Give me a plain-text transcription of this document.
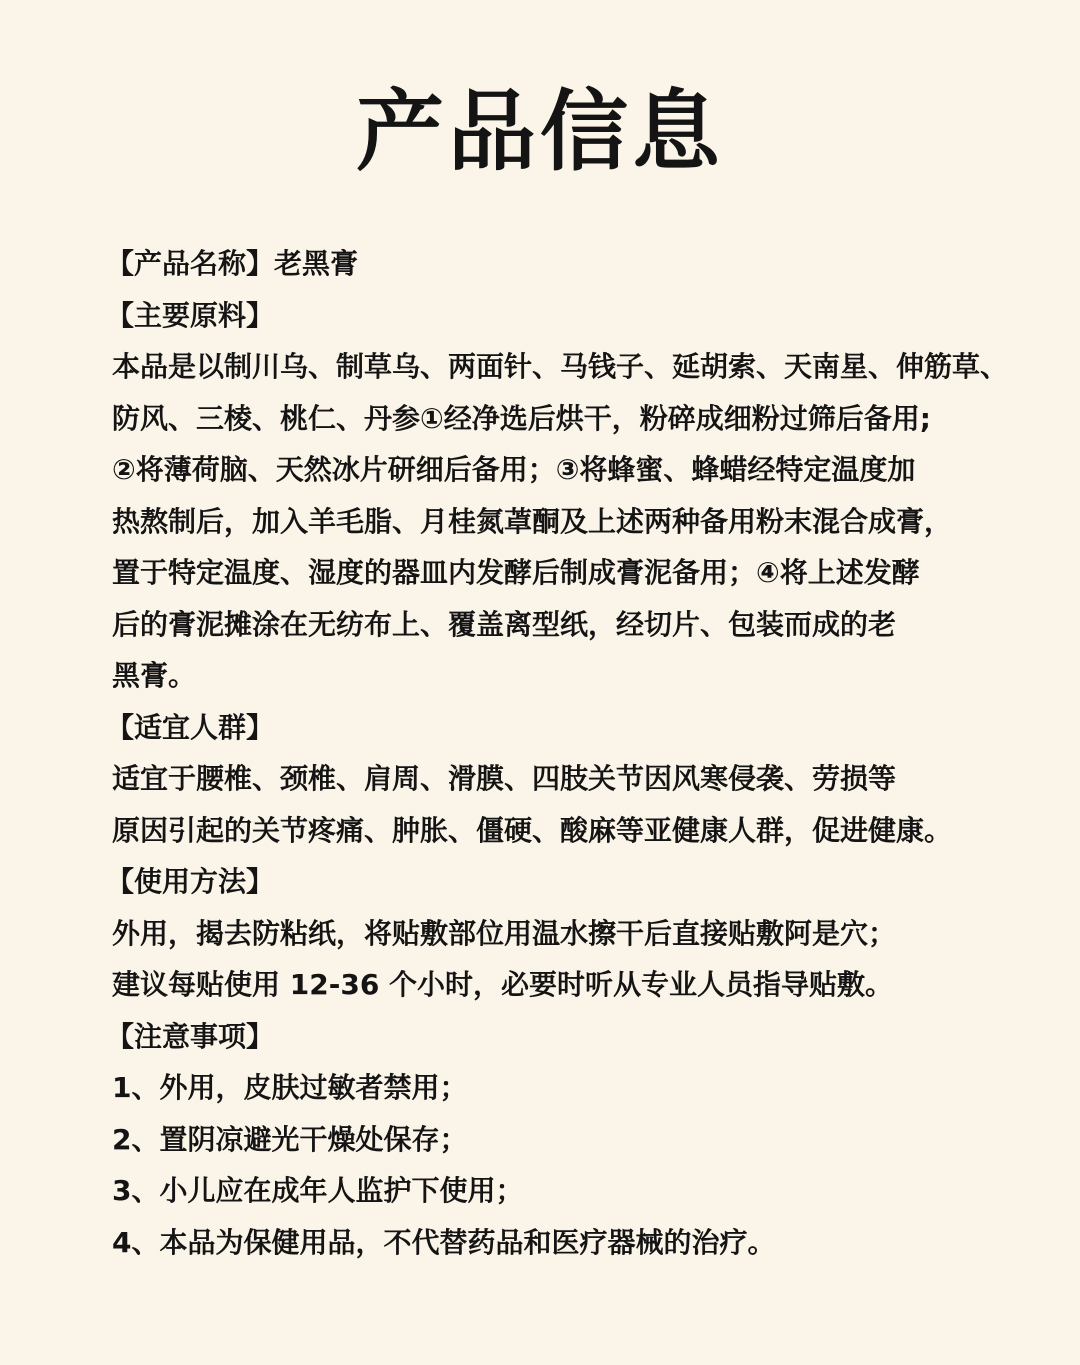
产品信息
【产品名称】老黑膏
【主要原料】
本品是以制川乌、制草乌、两面针、马钱子、延胡索、天南星、伸筋草、
防风、三棱、桃仁、丹参①经净选后烘干，粉碎成细粉过筛后备用;
②将薄荷脑、天然冰片研细后备用；③将蜂蜜、蜂蜡经特定温度加
热熬制后，加入羊毛脂、月桂氮䓬酮及上述两种备用粉末混合成膏，
置于特定温度、湿度的器皿内发酵后制成膏泥备用；④将上述发酵
后的膏泥摊涂在无纺布上、覆盖离型纸，经切片、包装而成的老
黑膏。
【适宜人群】
适宜于腰椎、颈椎、肩周、滑膜、四肢关节因风寒侵袭、劳损等
原因引起的关节疼痛、肿胀、僵硬、酸麻等亚健康人群，促进健康。
【使用方法】
外用，揭去防粘纸，将贴敷部位用温水擦干后直接贴敷阿是穴；
建议每贴使用 12-36 个小时，必要时听从专业人员指导贴敷。
【注意事项】
1、外用，皮肤过敏者禁用；
2、置阴凉避光干燥处保存；
3、小儿应在成年人监护下使用；
4、本品为保健用品，不代替药品和医疗器械的治疗。
